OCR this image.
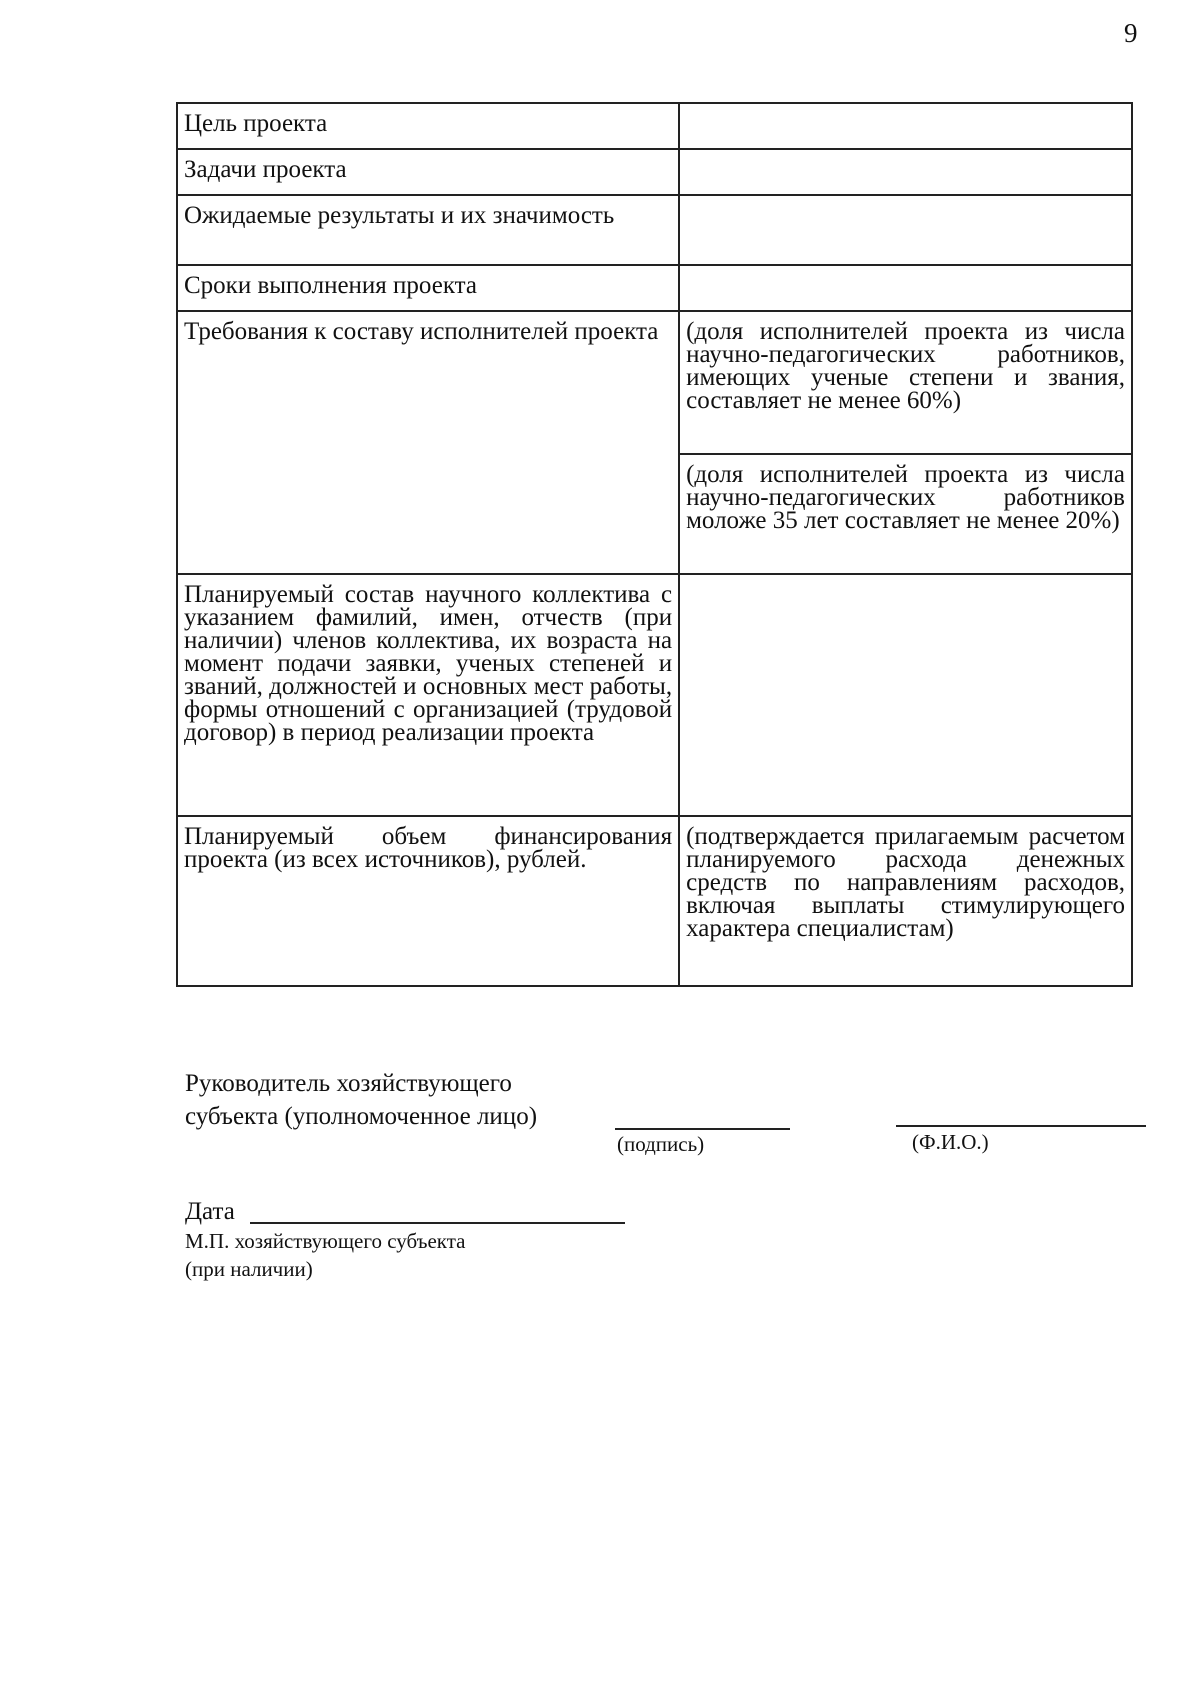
9
Цель проекта	
Задачи проекта	
Ожидаемые результаты и их значимость	
Сроки выполнения проекта	
Требования к составу исполнителей проекта	(доля исполнителей проекта из числа научно-педагогических работников, имеющих ученые степени и звания, составляет не менее 60%)
	(доля исполнителей проекта из числа научно-педагогических работников моложе 35 лет составляет не менее 20%)
Планируемый состав научного коллектива с указанием фамилий, имен, отчеств (при наличии) членов коллектива, их возраста на момент подачи заявки, ученых степеней и званий, должностей и основных мест работы, формы отношений с организацией (трудовой договор) в период реализации проекта	
Планируемый объем финансирования проекта (из всех источников), рублей.	(подтверждается прилагаемым расчетом планируемого расхода денежных средств по направлениям расходов, включая выплаты стимулирующего характера специалистам)
Руководитель хозяйствующего
субъекта (уполномоченное лицо)
(подпись)	(Ф.И.О.)
Дата
М.П. хозяйствующего субъекта
(при наличии)
